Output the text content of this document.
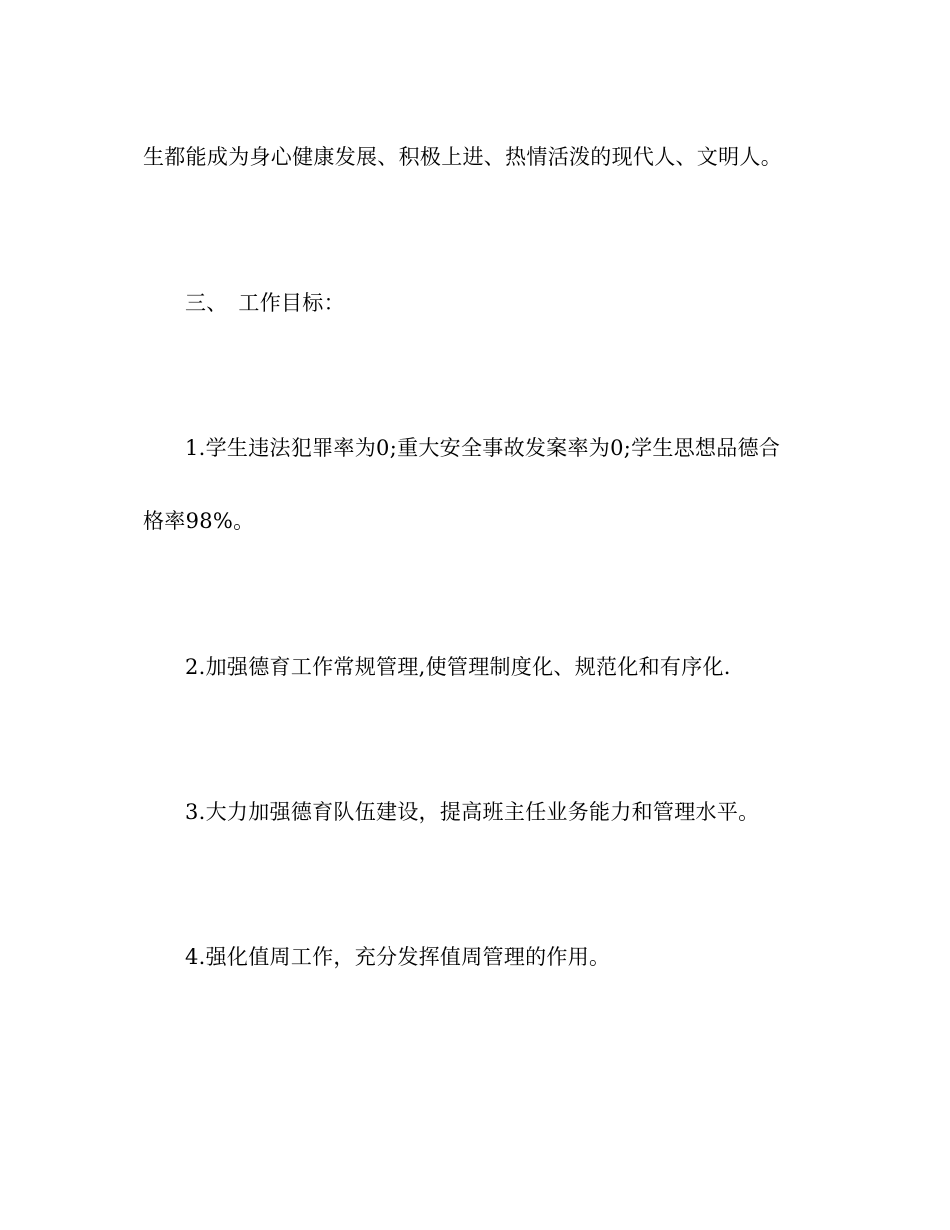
生都能成为身心健康发展、积极上进、热情活泼的现代人、文明人。
三、　工作目标：
1.学生违法犯罪率为0;重大安全事故发案率为0;学生思想品德合
格率98%。
2.加强德育工作常规管理,使管理制度化、规范化和有序化.
3.大力加强德育队伍建设，提高班主任业务能力和管理水平。
4.强化值周工作，充分发挥值周管理的作用。
